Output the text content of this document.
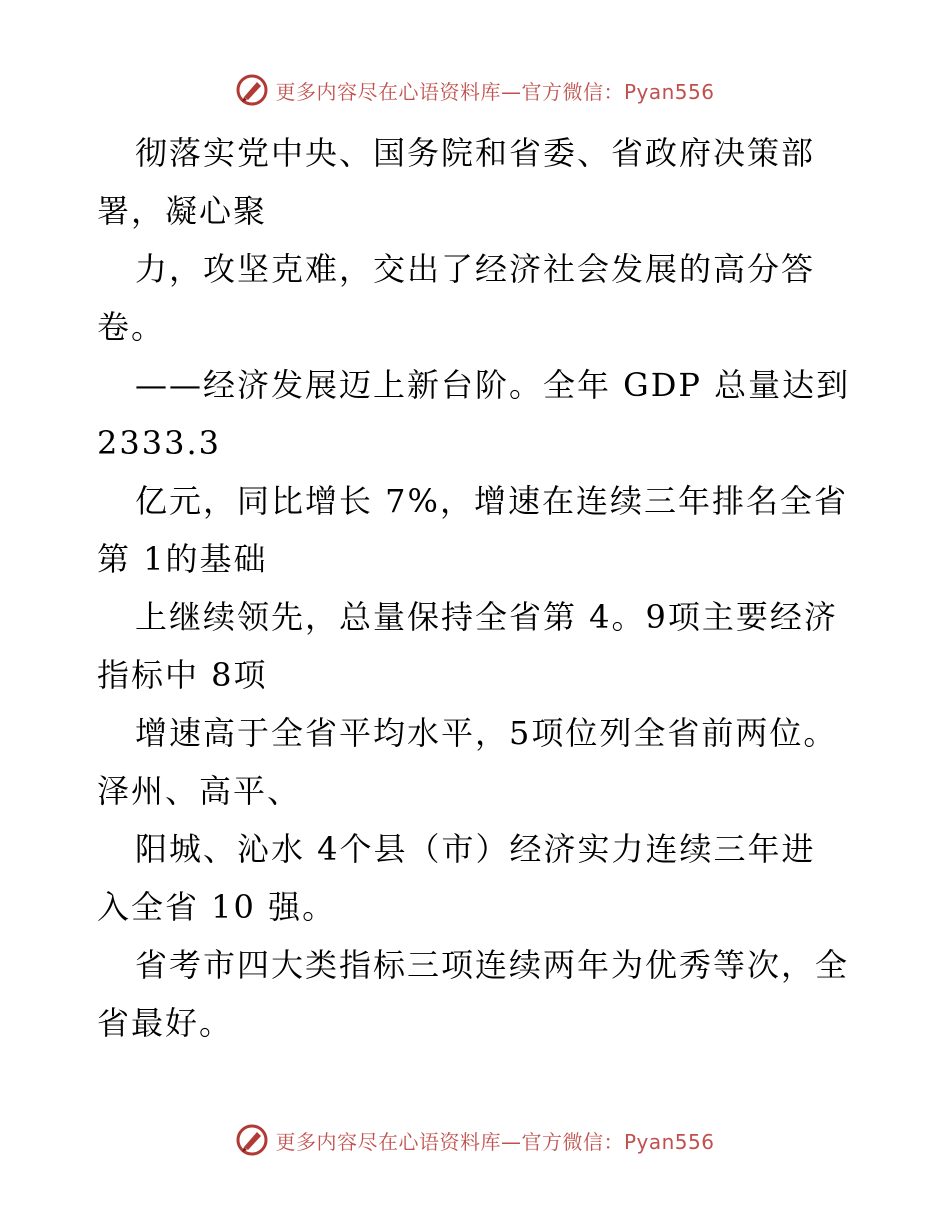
更多内容尽在心语资料库—官方微信：Pyan556
彻落实党中央、国务院和省委、省政府决策部
署，凝心聚
力，攻坚克难，交出了经济社会发展的高分答
卷。
——经济发展迈上新台阶。全年 GDP 总量达到
2333.3
亿元，同比增长 7%，增速在连续三年排名全省
第 1的基础
上继续领先，总量保持全省第 4。9项主要经济
指标中 8项
增速高于全省平均水平，5项位列全省前两位。
泽州、高平、
阳城、沁水 4个县（市）经济实力连续三年进
入全省 10 强。
省考市四大类指标三项连续两年为优秀等次，全
省最好。
更多内容尽在心语资料库—官方微信：Pyan556
